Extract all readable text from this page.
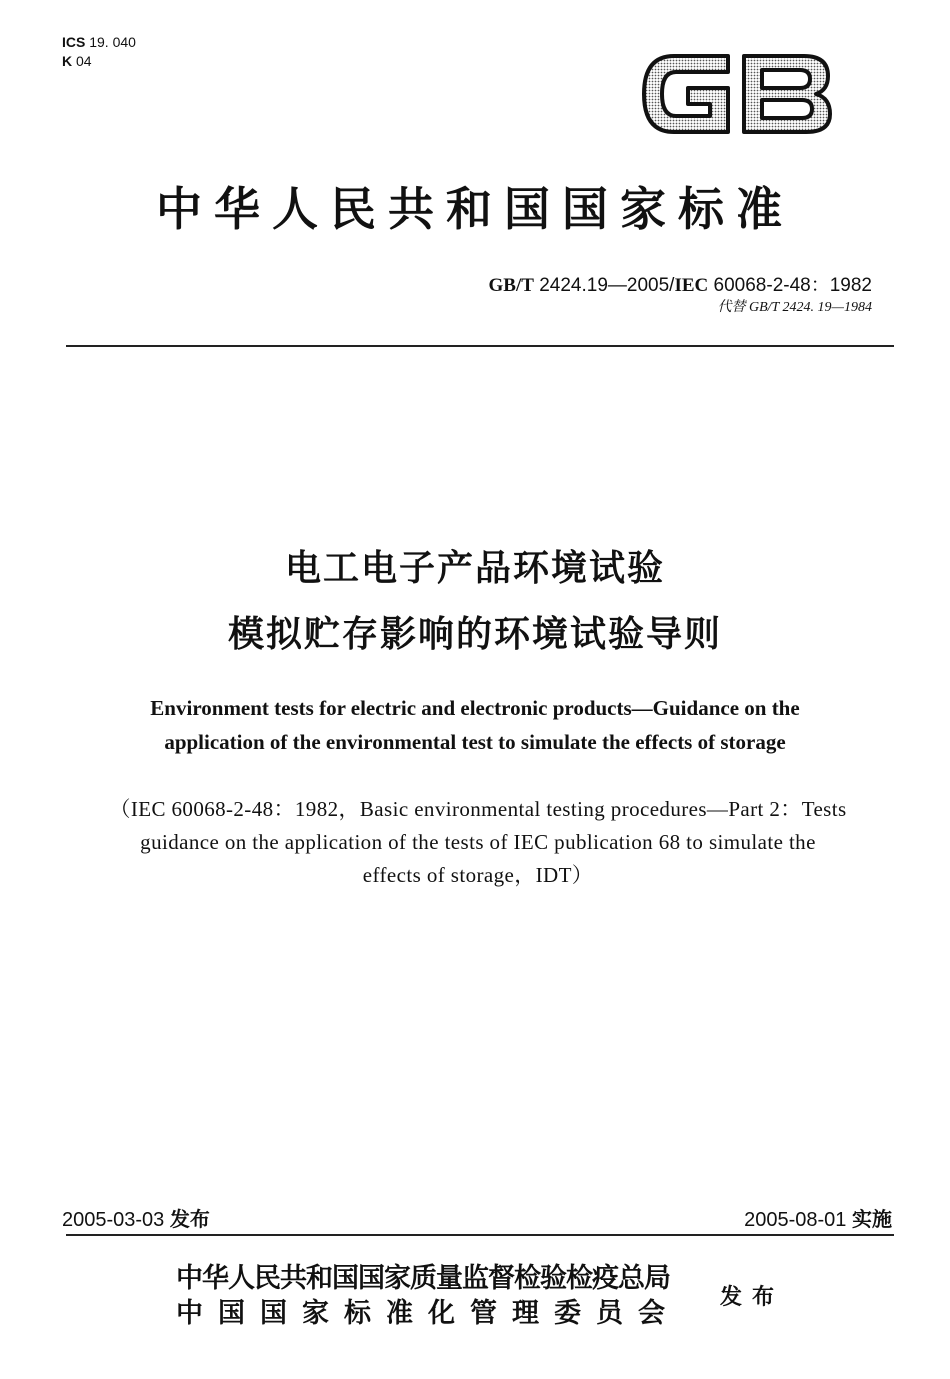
ICS 19. 040
K 04
中华人民共和国国家标准
GB/T 2424.19—2005/IEC 60068-2-48：1982
代替 GB/T 2424. 19—1984
电工电子产品环境试验
模拟贮存影响的环境试验导则
Environment tests for electric and electronic products—Guidance on the
application of the environmental test to simulate the effects of storage
（IEC 60068-2-48：1982，Basic environmental testing procedures—Part 2：Tests
guidance on the application of the tests of IEC publication 68 to simulate the
effects of storage，IDT）
2005-03-03 发布	2005-08-01 实施
中华人民共和国国家质量监督检验检疫总局
中国国家标准化管理委员会
发布
